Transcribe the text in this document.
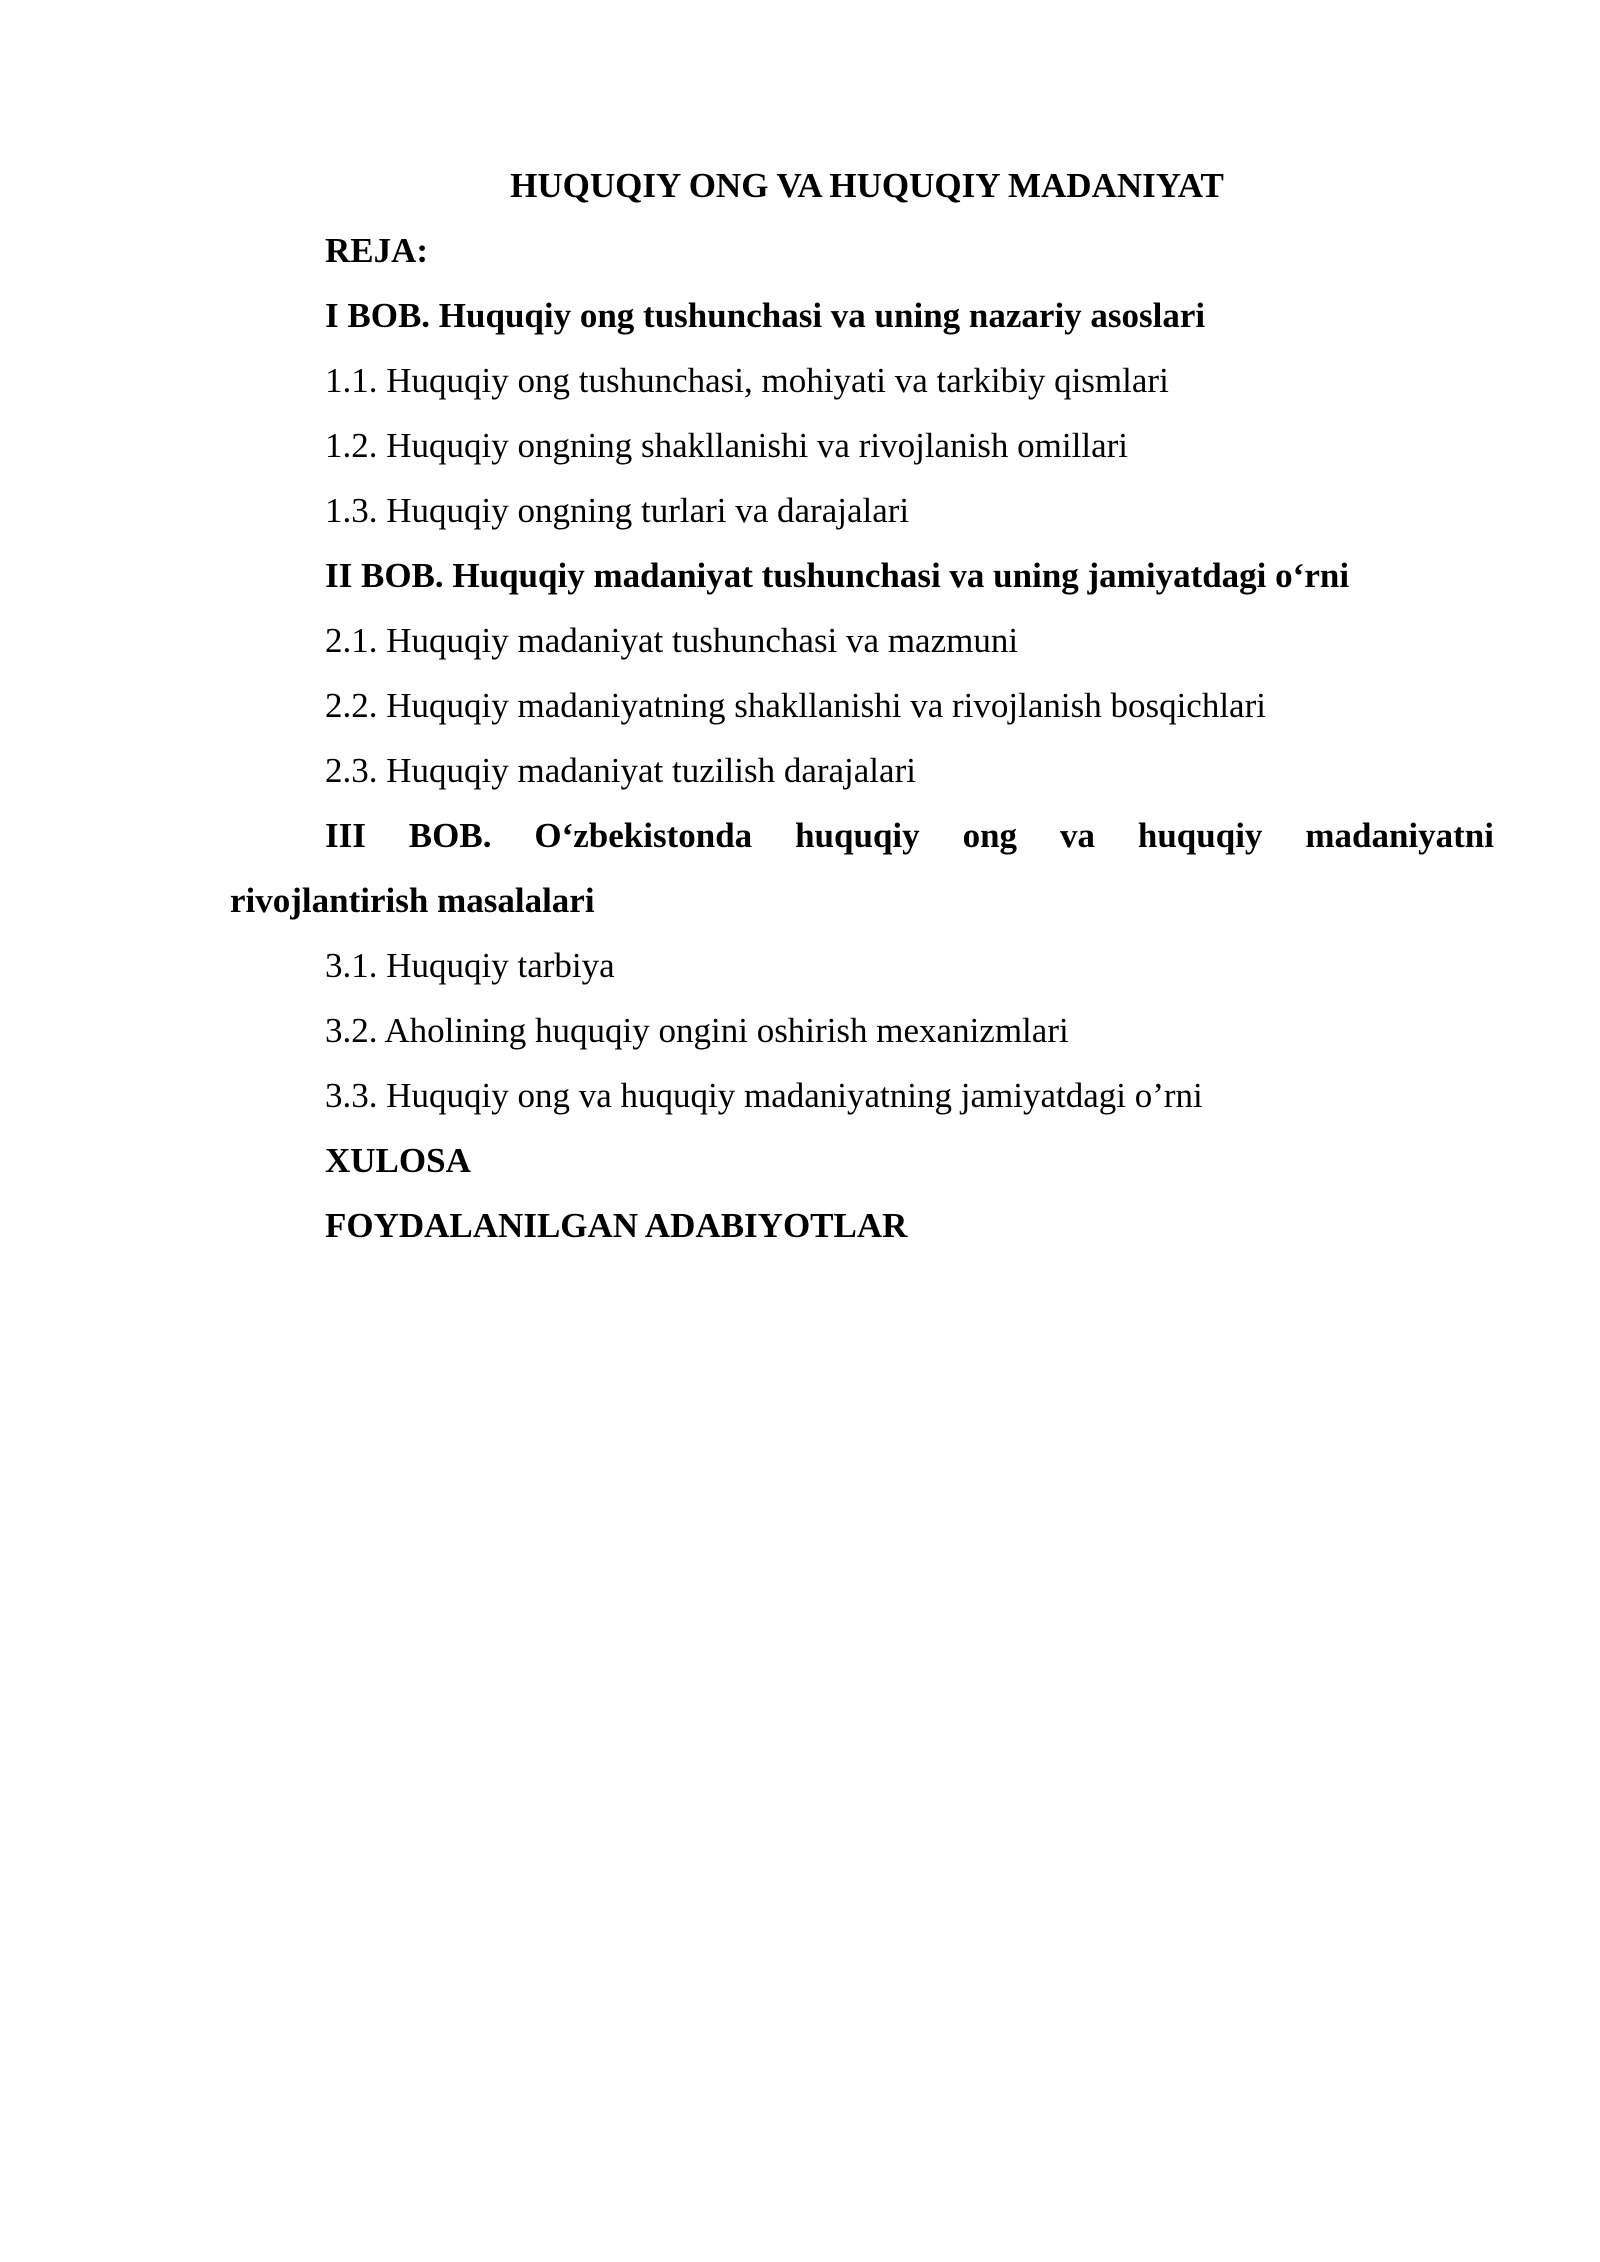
HUQUQIY ONG VA HUQUQIY MADANIYAT
REJA:
I BOB. Huquqiy ong tushunchasi va uning nazariy asoslari
1.1. Huquqiy ong tushunchasi, mohiyati va tarkibiy qismlari
1.2. Huquqiy ongning shakllanishi va rivojlanish omillari
1.3. Huquqiy ongning turlari va darajalari
II BOB. Huquqiy madaniyat tushunchasi va uning jamiyatdagi o‘rni
2.1. Huquqiy madaniyat tushunchasi va mazmuni
2.2. Huquqiy madaniyatning shakllanishi va rivojlanish bosqichlari
2.3. Huquqiy madaniyat tuzilish darajalari
III BOB. O‘zbekistonda huquqiy ong va huquqiy madaniyatni
rivojlantirish masalalari
3.1. Huquqiy tarbiya
3.2. Aholining huquqiy ongini oshirish mexanizmlari
3.3. Huquqiy ong va huquqiy madaniyatning jamiyatdagi o’rni
XULOSA
FOYDALANILGAN ADABIYOTLAR
